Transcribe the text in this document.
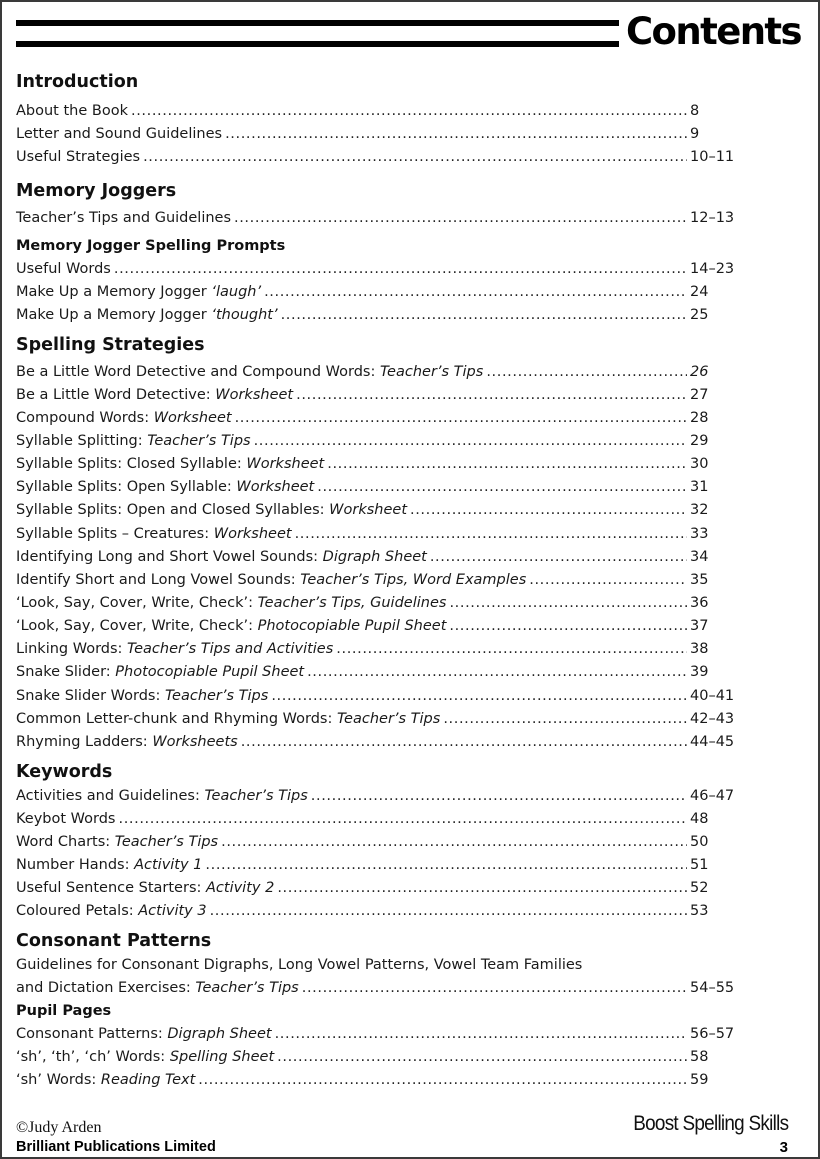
Contents
Introduction
About the Book .....	8
Letter and Sound Guidelines .....	9
Useful Strategies .....	10–11
Memory Joggers
Teacher’s Tips and Guidelines .....	12–13
Memory Jogger Spelling Prompts
Useful Words .....	14–23
Make Up a Memory Jogger ‘laugh’ .....	24
Make Up a Memory Jogger ‘thought’ .....	25
Spelling Strategies
Be a Little Word Detective and Compound Words: Teacher’s Tips .....	26
Be a Little Word Detective: Worksheet .....	27
Compound Words: Worksheet .....	28
Syllable Splitting: Teacher’s Tips .....	29
Syllable Splits: Closed Syllable: Worksheet .....	30
Syllable Splits: Open Syllable: Worksheet .....	31
Syllable Splits: Open and Closed Syllables: Worksheet .....	32
Syllable Splits – Creatures: Worksheet .....	33
Identifying Long and Short Vowel Sounds: Digraph Sheet .....	34
Identify Short and Long Vowel Sounds: Teacher’s Tips, Word Examples .....	35
‘Look, Say, Cover, Write, Check’: Teacher’s Tips, Guidelines .....	36
‘Look, Say, Cover, Write, Check’: Photocopiable Pupil Sheet .....	37
Linking Words: Teacher’s Tips and Activities .....	38
Snake Slider: Photocopiable Pupil Sheet .....	39
Snake Slider Words: Teacher’s Tips .....	40–41
Common Letter-chunk and Rhyming Words: Teacher’s Tips .....	42–43
Rhyming Ladders: Worksheets .....	44–45
Keywords
Activities and Guidelines: Teacher’s Tips .....	46–47
Keybot Words .....	48
Word Charts: Teacher’s Tips .....	50
Number Hands: Activity 1 .....	51
Useful Sentence Starters: Activity 2 .....	52
Coloured Petals: Activity 3 .....	53
Consonant Patterns
Guidelines for Consonant Digraphs, Long Vowel Patterns, Vowel Team Families
and Dictation Exercises: Teacher’s Tips .....	54–55
Pupil Pages
Consonant Patterns: Digraph Sheet .....	56–57
‘sh’, ‘th’, ‘ch’ Words: Spelling Sheet .....	58
‘sh’ Words: Reading Text .....	59
©Judy Arden
Brilliant Publications Limited
Boost Spelling Skills
3
